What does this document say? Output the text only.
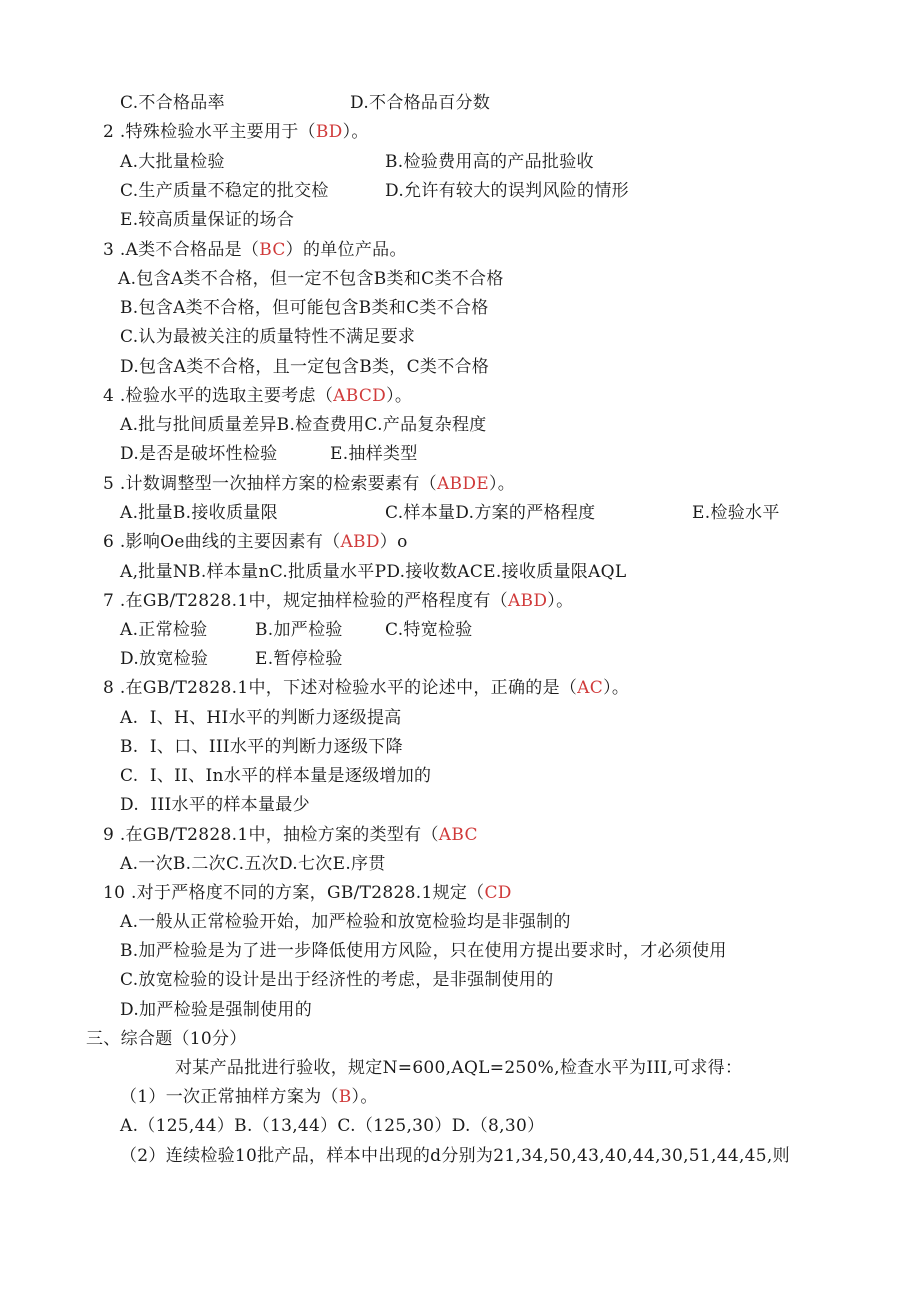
C.不合格品率	D.不合格品百分数
2 .特殊检验水平主要用于（BD）。
A.大批量检验	B.检验费用高的产品批验收
C.生产质量不稳定的批交检	D.允许有较大的误判风险的情形
E.较高质量保证的场合
3 .A类不合格品是（BC）的单位产品。
A.包含A类不合格，但一定不包含B类和C类不合格
B.包含A类不合格，但可能包含B类和C类不合格
C.认为最被关注的质量特性不满足要求
D.包含A类不合格，且一定包含B类，C类不合格
4 .检验水平的选取主要考虑（ABCD）。
A.批与批间质量差异B.检查费用C.产品复杂程度
D.是否是破坏性检验	E.抽样类型
5 .计数调整型一次抽样方案的检索要素有（ABDE）。
A.批量B.接收质量限	C.样本量D.方案的严格程度	E.检验水平
6 .影响Oe曲线的主要因素有（ABD）o
A,批量NB.样本量nC.批质量水平PD.接收数ACE.接收质量限AQL
7 .在GB/T2828.1中，规定抽样检验的严格程度有（ABD）。
A.正常检验	B.加严检验 C.特宽检验
D.放宽检验	E.暂停检验
8 .在GB/T2828.1中，下述对检验水平的论述中，正确的是（AC）。
A.  I、H、HI水平的判断力逐级提高
B.  I、口、III水平的判断力逐级下降
C.  I、II、In水平的样本量是逐级增加的
D.  III水平的样本量最少
9 .在GB/T2828.1中，抽检方案的类型有（ABC
A.一次B.二次C.五次D.七次E.序贯
10 .对于严格度不同的方案，GB/T2828.1规定（CD
A.一般从正常检验开始，加严检验和放宽检验均是非强制的
B.加严检验是为了进一步降低使用方风险，只在使用方提出要求时，才必须使用
C.放宽检验的设计是出于经济性的考虑，是非强制使用的
D.加严检验是强制使用的
三、综合题（10分）
对某产品批进行验收，规定N=600,AQL=250%,检查水平为III,可求得：
（1）一次正常抽样方案为（B）。
A.（125,44）B.（13,44）C.（125,30）D.（8,30）
（2）连续检验10批产品，样本中出现的d分别为21,34,50,43,40,44,30,51,44,45,则
